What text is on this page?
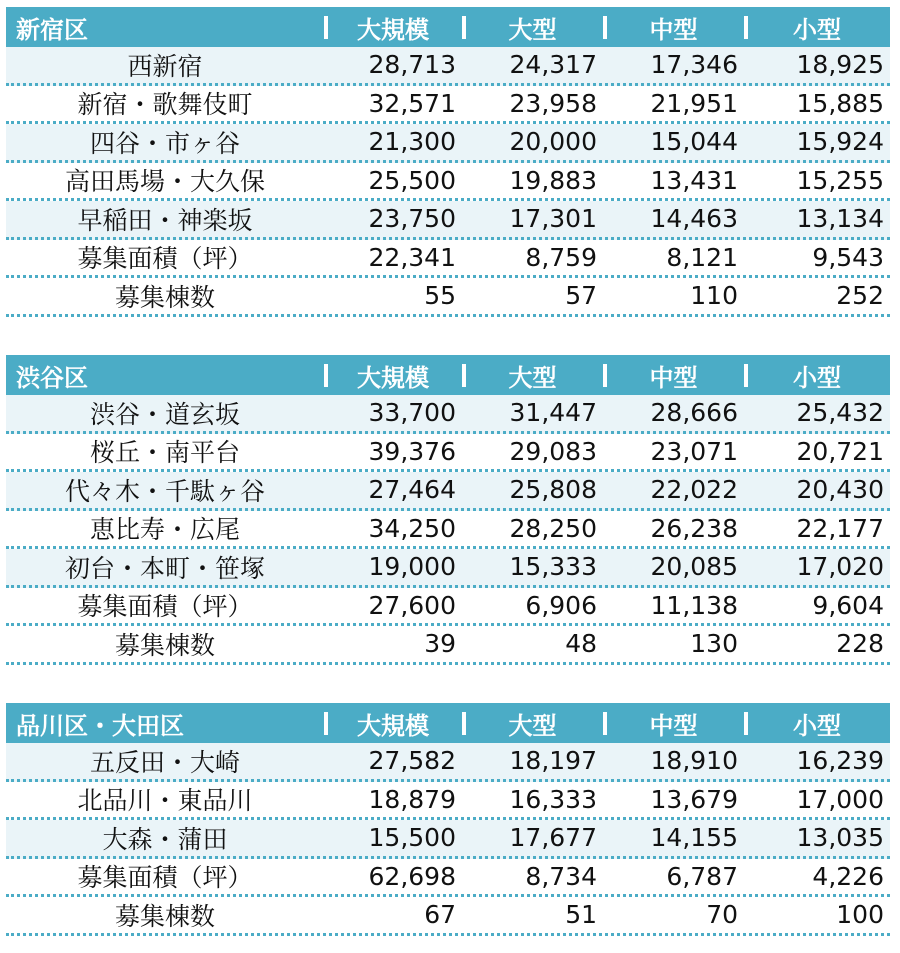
新宿区	大規模	大型	中型	小型
西新宿	28,713	24,317	17,346	18,925
新宿・歌舞伎町	32,571	23,958	21,951	15,885
四谷・市ヶ谷	21,300	20,000	15,044	15,924
高田馬場・大久保	25,500	19,883	13,431	15,255
早稲田・神楽坂	23,750	17,301	14,463	13,134
募集面積（坪）	22,341	8,759	8,121	9,543
募集棟数	55	57	110	252
渋谷区	大規模	大型	中型	小型
渋谷・道玄坂	33,700	31,447	28,666	25,432
桜丘・南平台	39,376	29,083	23,071	20,721
代々木・千駄ヶ谷	27,464	25,808	22,022	20,430
恵比寿・広尾	34,250	28,250	26,238	22,177
初台・本町・笹塚	19,000	15,333	20,085	17,020
募集面積（坪）	27,600	6,906	11,138	9,604
募集棟数	39	48	130	228
品川区・大田区	大規模	大型	中型	小型
五反田・大崎	27,582	18,197	18,910	16,239
北品川・東品川	18,879	16,333	13,679	17,000
大森・蒲田	15,500	17,677	14,155	13,035
募集面積（坪）	62,698	8,734	6,787	4,226
募集棟数	67	51	70	100
